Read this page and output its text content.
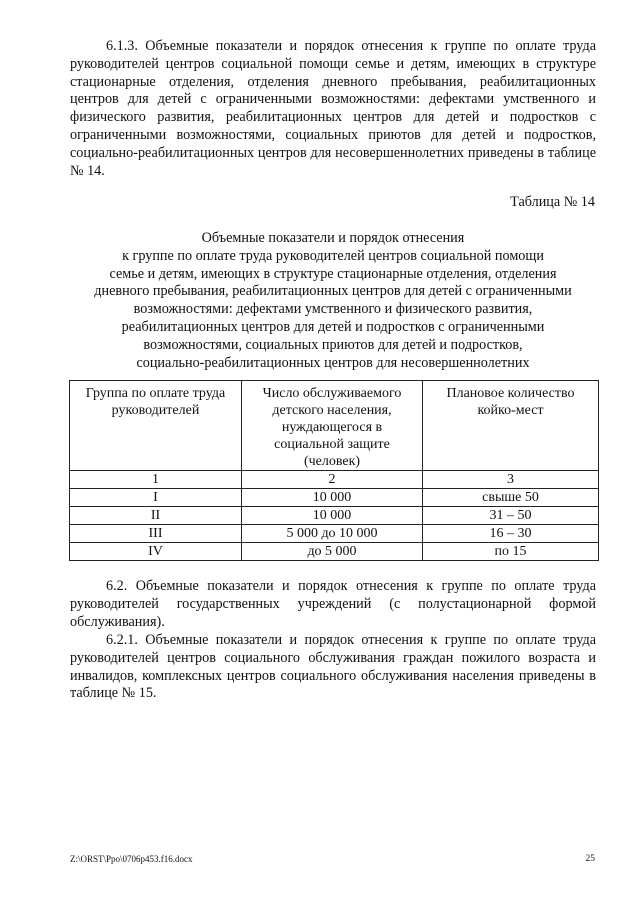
6.1.3. Объемные показатели и порядок отнесения к группе по оплате труда руководителей центров социальной помощи семье и детям, имеющих в структуре стационарные отделения, отделения дневного пребывания, реабилитационных центров для детей с ограниченными возможностями: дефектами умственного и физического развития, реабилитационных центров для детей и подростков с ограниченными возможностями, социальных приютов для детей и подростков, социально-реабилитационных центров для несовершеннолетних приведены в таблице № 14.

Таблица № 14

Объемные показатели и порядок отнесения
к группе по оплате труда руководителей центров социальной помощи
семье и детям, имеющих в структуре стационарные отделения, отделения
дневного пребывания, реабилитационных центров для детей с ограниченными
возможностями: дефектами умственного и физического развития,
реабилитационных центров для детей и подростков с ограниченными
возможностями, социальных приютов для детей и подростков,
социально-реабилитационных центров для несовершеннолетних
Группа по оплате труда руководителей	Число обслуживаемого детского населения, нуждающегося в социальной защите (человек)	Плановое количество койко-мест
1	2	3
I	10 000	свыше 50
II	10 000	31 – 50
III	5 000 до 10 000	16 – 30
IV	до 5 000	по 15

6.2. Объемные показатели и порядок отнесения к группе по оплате труда руководителей государственных учреждений (с полустационарной формой обслуживания).

6.2.1. Объемные показатели и порядок отнесения к группе по оплате труда руководителей центров социального обслуживания граждан пожилого возраста и инвалидов, комплексных центров социального обслуживания населения приведены в таблице № 15.

Z:\ORST\Ppo\0706p453.f16.docx	25
